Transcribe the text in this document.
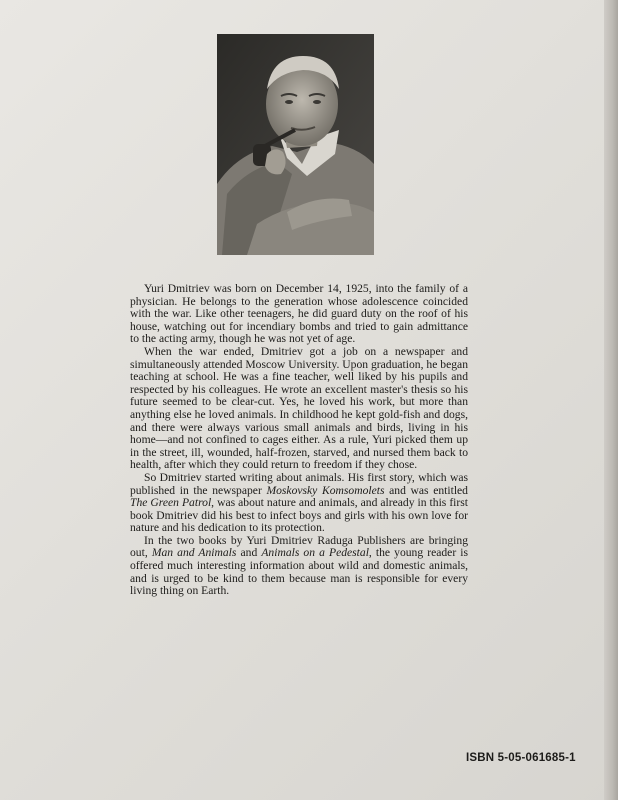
Yuri Dmitriev was born on December 14, 1925, into the family of a physician. He belongs to the generation whose adolescence coincided with the war. Like other teenagers, he did guard duty on the roof of his house, watching out for incendiary bombs and tried to gain admittance to the acting army, though he was not yet of age.

When the war ended, Dmitriev got a job on a newspaper and simultaneously attended Moscow University. Upon graduation, he began teaching at school. He was a fine teacher, well liked by his pupils and respected by his colleagues. He wrote an excellent master's thesis so his future seemed to be clear-cut. Yes, he loved his work, but more than anything else he loved animals. In childhood he kept gold-fish and dogs, and there were always various small animals and birds, living in his home—and not confined to cages either. As a rule, Yuri picked them up in the street, ill, wounded, half-frozen, starved, and nursed them back to health, after which they could return to freedom if they chose.

So Dmitriev started writing about animals. His first story, which was published in the newspaper Moskovsky Komsomolets and was entitled The Green Patrol, was about nature and animals, and already in this first book Dmitriev did his best to infect boys and girls with his own love for nature and his dedication to its protection.

In the two books by Yuri Dmitriev Raduga Publishers are bringing out, Man and Animals and Animals on a Pedestal, the young reader is offered much interesting information about wild and domestic animals, and is urged to be kind to them because man is responsible for every living thing on Earth.

ISBN 5-05-061685-1
